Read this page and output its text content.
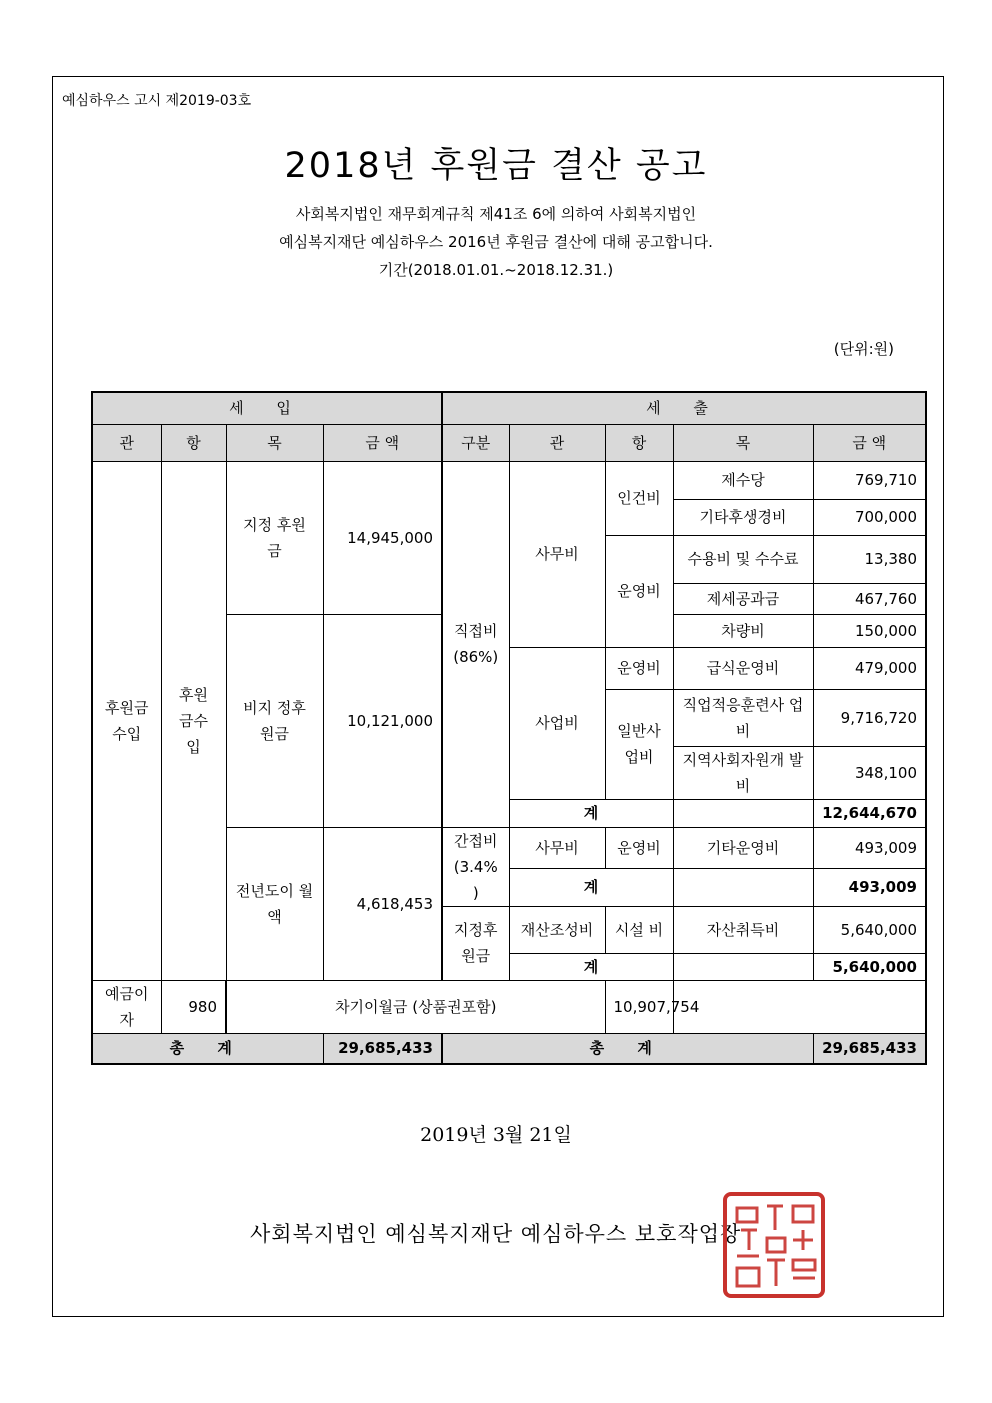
예심하우스 고시 제2019-03호
2018년 후원금 결산 공고
사회복지법인 재무회계규칙 제41조 6에 의하여 사회복지법인
예심복지재단 예심하우스 2016년 후원금 결산에 대해 공고합니다.
기간(2018.01.01.~2018.12.31.)
(단위:원)
세 입				세 출				
관	항	목	금 액	구분	관	항	목	금 액
후원금 수입	후원 금수 입	지정 후원 금	14,945,000	직접비 (86%)	사무비	인건비	제수당	769,710
							기타후생경비	700,000
						운영비	수용비 및 수수료	13,380
							제세공과금	467,760
		비지 정후 원금	10,121,000				차량비	150,000
					사업비	운영비	급식운영비	479,000
						일반사 업비	직업적응훈련사 업비	9,716,720
							지역사회자원개 발비	348,100
					계			12,644,670
		전년도이 월액	4,618,453	간접비 (3.4% )	사무비	운영비	기타운영비	493,009
					계			493,009
				지정후 원금	재산조성비	시설 비	자산취득비	5,640,000
					계			5,640,000

예금이자	980	차기이월금 (상품권포함)				10,907,754		
총 계			29,685,433	총 계				29,685,433
2019년 3월 21일
사회복지법인 예심복지재단 예심하우스 보호작업장
